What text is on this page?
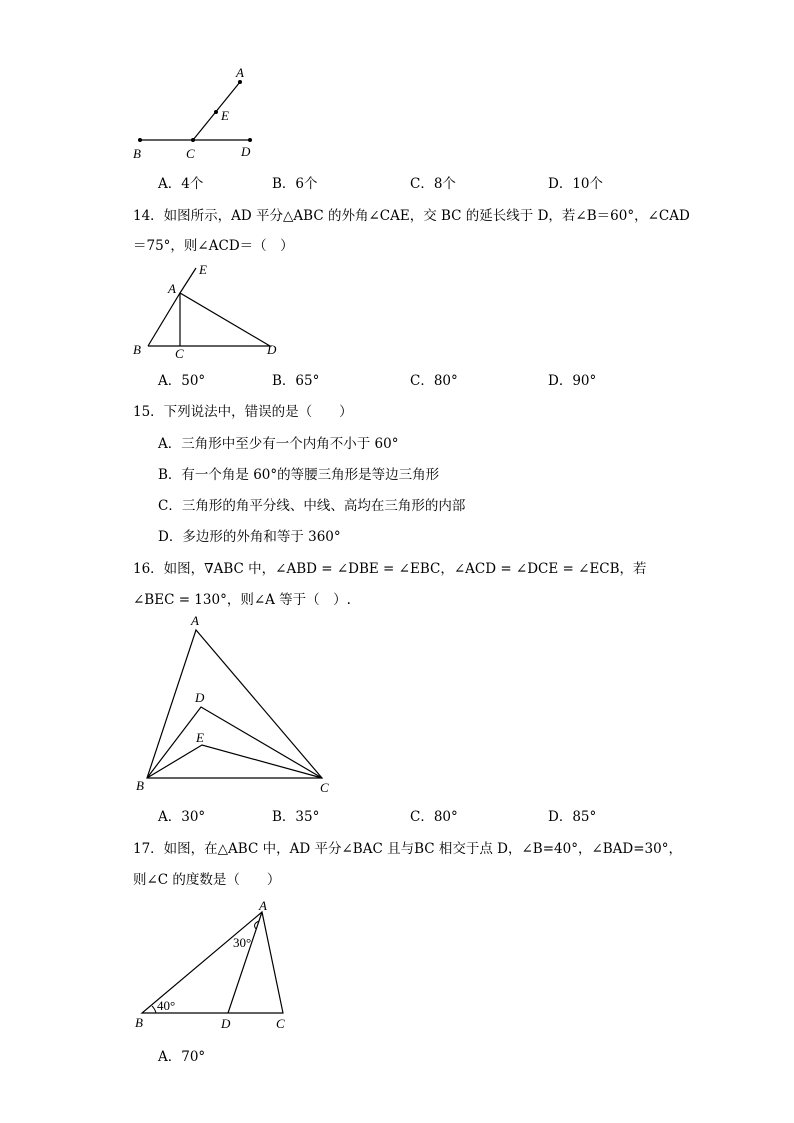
A
E
B	C	D
A．4个	B．6个	C．8个	D．10个
14．如图所示，AD 平分△ABC 的外角∠CAE，交 BC 的延长线于 D，若∠B＝60°，∠CAD
＝75°，则∠ACD＝（　）
A
E
B	C	D
A．50°	B．65°	C．80°	D．90°
15．下列说法中，错误的是（　　）
A．三角形中至少有一个内角不小于 60°
B．有一个角是 60°的等腰三角形是等边三角形
C．三角形的角平分线、中线、高均在三角形的内部
D．多边形的外角和等于 360°
16．如图，∇ABC 中，∠ABD = ∠DBE = ∠EBC，∠ACD = ∠DCE = ∠ECB，若
∠BEC = 130°，则∠A 等于（　）.
A
D
E
B	C
A．30°	B．35°	C．80°	D．85°
17．如图，在△ABC 中，AD 平分∠BAC 且与BC 相交于点 D，∠B=40°，∠BAD=30°，
则∠C 的度数是（　　）
A
30°
40°
B	D	C
A．70°
